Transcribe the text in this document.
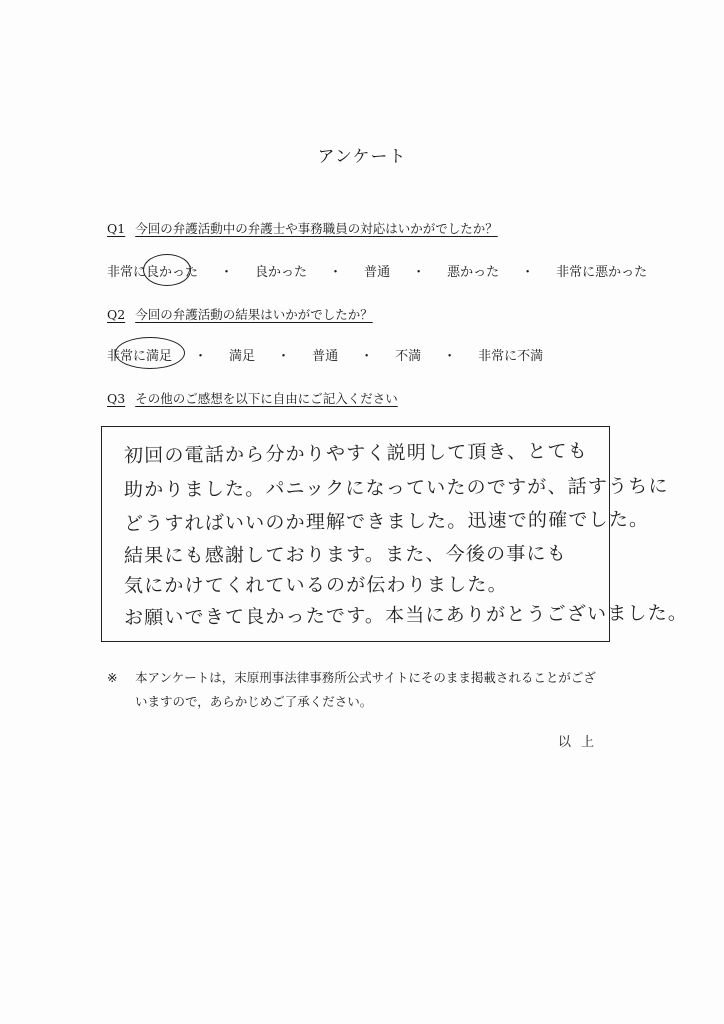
アンケート
Q1 今回の弁護活動中の弁護士や事務職員の対応はいかがでしたか？
非常に良かった ・ 良かった ・ 普通 ・ 悪かった ・ 非常に悪かった
Q2 今回の弁護活動の結果はいかがでしたか？
非常に満足 ・ 満足 ・ 普通 ・ 不満 ・ 非常に不満
Q3 その他のご感想を以下に自由にご記入ください
初回の電話から分かりやすく説明して頂き、とても
助かりました。パニックになっていたのですが、話すうちに
どうすればいいのか理解できました。迅速で的確でした。
結果にも感謝しております。また、今後の事にも
気にかけてくれているのが伝わりました。
お願いできて良かったです。本当にありがとうございました。
※	本アンケートは，末原刑事法律事務所公式サイトにそのまま掲載されることがございますので，あらかじめご了承ください。
以上
